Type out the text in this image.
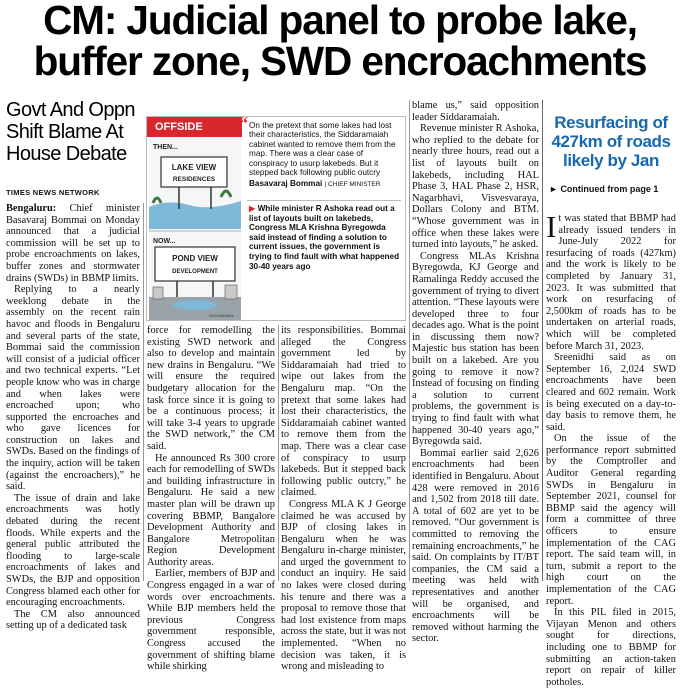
CM: Judicial panel to probe lake,
buffer zone, SWD encroachments
Govt And Oppn
Shift Blame At
House Debate
TIMES NEWS NETWORK

Bengaluru: Chief minister Basavaraj Bommai on Monday announced that a judicial commission will be set up to probe encroachments on lakes, buffer zones and stormwater drains (SWDs) in BBMP limits.

Replying to a nearly weeklong debate in the assembly on the recent rain havoc and floods in Bengaluru and several parts of the state, Bommai said the commission will consist of a judicial officer and two technical experts. “Let people know who was in charge and when lakes were encroached upon; who supported the encroaches and who gave licences for construction on lakes and SWDs. Based on the findings of the inquiry, action will be taken (against the encroachers),” he said.

The issue of drain and lake encroachments was hotly debated during the recent floods. While experts and the general public attributed the flooding to large-scale encroachments of lakes and SWDs, the BJP and opposition Congress blamed each other for encouraging encroachments.

The CM also announced setting up of a dedicated task

OFFSIDE
THEN...
LAKE VIEW
RESIDENCES
NOW...
POND VIEW
DEVELOPMENT
SUDHAKARA
“ On the pretext that some lakes had lost their characteristics, the Siddaramaiah cabinet wanted to remove them from the map. There was a clear case of conspiracy to usurp lakebeds. But it stepped back following public outcry
Basavaraj Bommai | CHIEF MINISTER
▶ While minister R Ashoka read out a list of layouts built on lakebeds, Congress MLA Krishna Byregowda said instead of finding a solution to current issues, the government is trying to find fault with what happened 30-40 years ago

force for remodelling the existing SWD network and also to develop and maintain new drains in Bengaluru. “We will ensure the required budgetary allocation for the task force since it is going to be a continuous process; it will take 3-4 years to upgrade the SWD network,” the CM said.

He announced Rs 300 crore each for remodelling of SWDs and building infrastructure in Bengaluru. He said a new master plan will be drawn up covering BBMP, Bangalore Development Authority and Bangalore Metropolitan Region Development Authority areas.

Earlier, members of BJP and Congress engaged in a war of words over encroachments. While BJP members held the previous Congress government responsible, Congress accused the government of shifting blame while shirking

its responsibilities. Bommai alleged the Congress government led by Siddaramaiah had tried to wipe out lakes from the Bengaluru map. “On the pretext that some lakes had lost their characteristics, the Siddaramaiah cabinet wanted to remove them from the map. There was a clear case of conspiracy to usurp lakebeds. But it stepped back following public outcry,” he claimed.

Congress MLA K J George claimed he was accused by BJP of closing lakes in Bengaluru when he was Bengaluru in-charge minister, and urged the government to conduct an inquiry. He said no lakes were closed during his tenure and there was a proposal to remove those that had lost existence from maps across the state, but it was not implemented. “When no decision was taken, it is wrong and misleading to

blame us,” said opposition leader Siddaramaiah.

Revenue minister R Ashoka, who replied to the debate for nearly three hours, read out a list of layouts built on lakebeds, including HAL Phase 3, HAL Phase 2, HSR, Nagarbhavi, Visvesvaraya, Dollars Colony and BTM. “Whose government was in office when these lakes were turned into layouts,” he asked.

Congress MLAs Krishna Byregowda, KJ George and Ramalinga Reddy accused the government of trying to divert attention. “These layouts were developed three to four decades ago. What is the point in discussing them now? Majestic bus station has been built on a lakebed. Are you going to remove it now? Instead of focusing on finding a solution to current problems, the government is trying to find fault with what happened 30-40 years ago,” Byregowda said.

Bommai earlier said 2,626 encroachments had been identified in Bengaluru. About 428 were removed in 2016 and 1,502 from 2018 till date. A total of 602 are yet to be removed. “Our government is committed to removing the remaining encroachments,” he said. On complaints by IT/BT companies, the CM said a meeting was held with representatives and another will be organised, and encroachments will be removed without harming the sector.

Resurfacing of
427km of roads
likely by Jan
► Continued from page 1

It was stated that BBMP had already issued tenders in June-July 2022 for resurfacing of roads (427km) and the work is likely to be completed by January 31, 2023. It was submitted that work on resurfacing of 2,500km of roads has to be undertaken on arterial roads, which will be completed before March 31, 2023.

Sreenidhi said as on September 16, 2,024 SWD encroachments have been cleared and 602 remain. Work is being executed on a day-to-day basis to remove them, he said.

On the issue of the performance report submitted by the Comptroller and Auditor General regarding SWDs in Bengaluru in September 2021, counsel for BBMP said the agency will form a committee of three officers to ensure implementation of the CAG report. The said team will, in turn, submit a report to the high court on the implementation of the CAG report.

In this PIL filed in 2015, Vijayan Menon and others sought for directions, including one to BBMP for submitting an action-taken report on repair of killer potholes.
